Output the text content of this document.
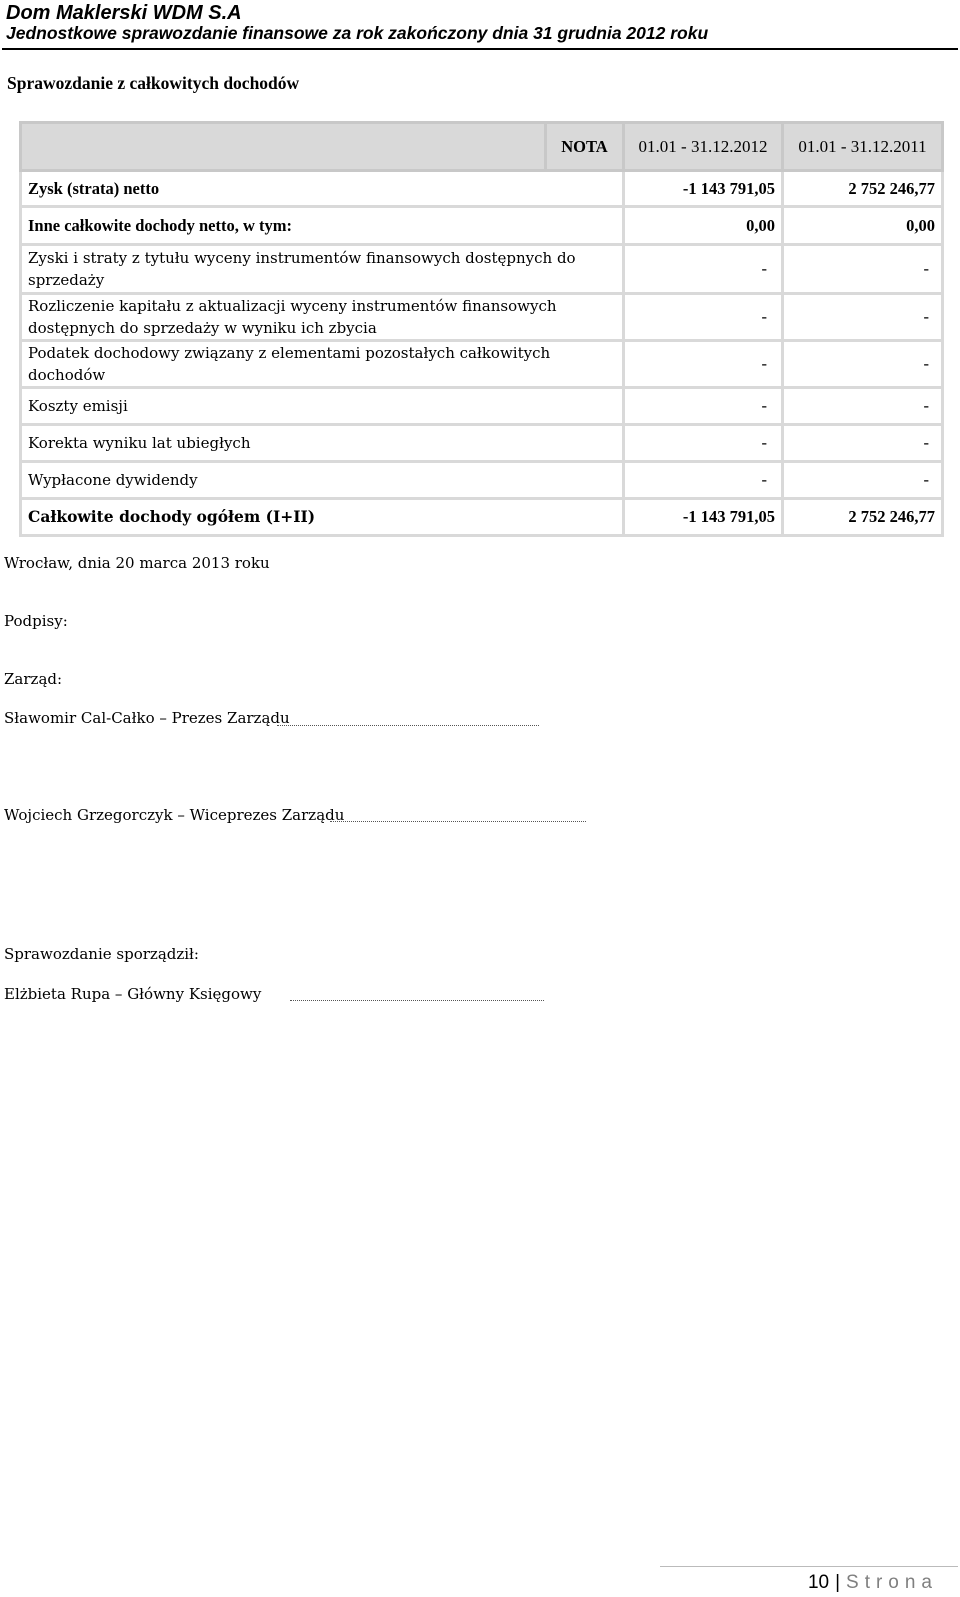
Dom Maklerski WDM S.A
Jednostkowe sprawozdanie finansowe za rok zakończony dnia 31 grudnia 2012 roku
Sprawozdanie z całkowitych dochodów
	NOTA	01.01 - 31.12.2012	01.01 - 31.12.2011
Zysk (strata) netto		-1 143 791,05	2 752 246,77
Inne całkowite dochody netto, w tym:		0,00	0,00
Zyski i straty z tytułu wyceny instrumentów finansowych dostępnych do sprzedaży		-	-
Rozliczenie kapitału z aktualizacji wyceny instrumentów finansowych dostępnych do sprzedaży w wyniku ich zbycia		-	-
Podatek dochodowy związany z elementami pozostałych całkowitych dochodów		-	-
Koszty emisji		-	-
Korekta wyniku lat ubiegłych		-	-
Wypłacone dywidendy		-	-
Całkowite dochody ogółem (I+II)		-1 143 791,05	2 752 246,77
Wrocław, dnia 20 marca 2013 roku
Podpisy:
Zarząd:
Sławomir Cal-Całko – Prezes Zarządu
Wojciech Grzegorczyk – Wiceprezes Zarządu
Sprawozdanie sporządził:
Elżbieta Rupa – Główny Księgowy
10 | Strona
